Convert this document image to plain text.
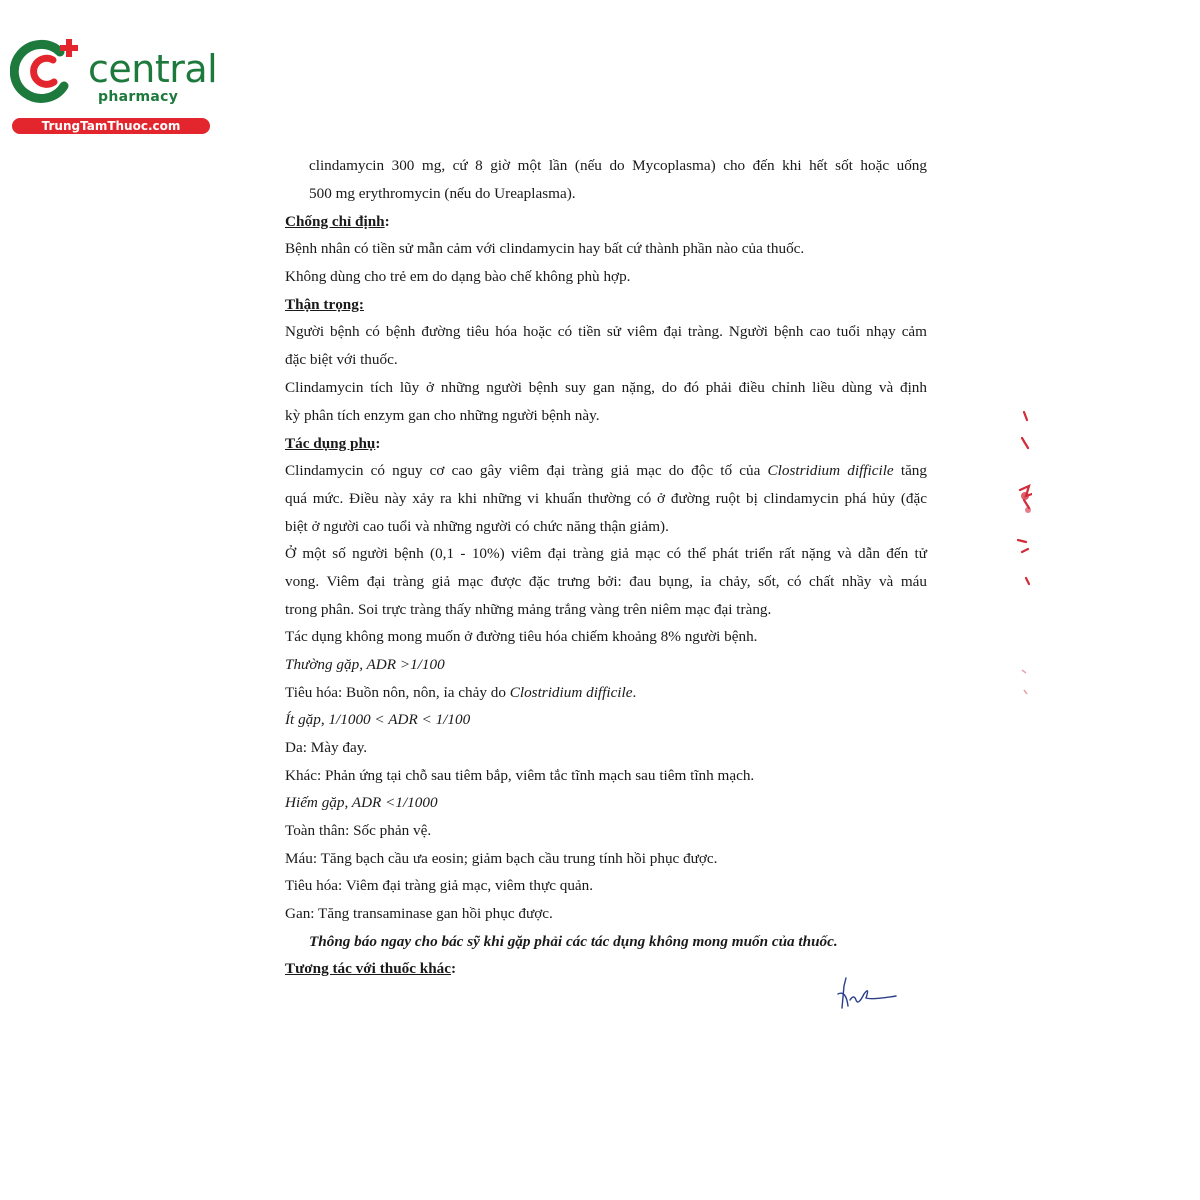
central
pharmacy
TrungTamThuoc.com
clindamycin 300 mg, cứ 8 giờ một lần (nếu do Mycoplasma) cho đến khi hết sốt hoặc uống
500 mg erythromycin (nếu do Ureaplasma).
Chống chỉ định:
Bệnh nhân có tiền sử mẫn cảm với clindamycin hay bất cứ thành phần nào của thuốc.
Không dùng cho trẻ em do dạng bào chế không phù hợp.
Thận trọng:
Người bệnh có bệnh đường tiêu hóa hoặc có tiền sử viêm đại tràng. Người bệnh cao tuổi nhạy cảm
đặc biệt với thuốc.
Clindamycin tích lũy ở những người bệnh suy gan nặng, do đó phải điều chỉnh liều dùng và định
kỳ phân tích enzym gan cho những người bệnh này.
Tác dụng phụ:
Clindamycin có nguy cơ cao gây viêm đại tràng giả mạc do độc tố của Clostridium difficile tăng
quá mức. Điều này xảy ra khi những vi khuẩn thường có ở đường ruột bị clindamycin phá hủy (đặc
biệt ở người cao tuổi và những người có chức năng thận giảm).
Ở một số người bệnh (0,1 - 10%) viêm đại tràng giả mạc có thể phát triển rất nặng và dẫn đến tử
vong. Viêm đại tràng giả mạc được đặc trưng bởi: đau bụng, ỉa chảy, sốt, có chất nhầy và máu
trong phân. Soi trực tràng thấy những mảng trắng vàng trên niêm mạc đại tràng.
Tác dụng không mong muốn ở đường tiêu hóa chiếm khoảng 8% người bệnh.
Thường gặp, ADR >1/100
Tiêu hóa: Buồn nôn, nôn, ỉa chảy do Clostridium difficile.
Ít gặp, 1/1000 < ADR < 1/100
Da: Mày đay.
Khác: Phản ứng tại chỗ sau tiêm bắp, viêm tắc tĩnh mạch sau tiêm tĩnh mạch.
Hiếm gặp, ADR <1/1000
Toàn thân: Sốc phản vệ.
Máu: Tăng bạch cầu ưa eosin; giảm bạch cầu trung tính hồi phục được.
Tiêu hóa: Viêm đại tràng giả mạc, viêm thực quản.
Gan: Tăng transaminase gan hồi phục được.
Thông báo ngay cho bác sỹ khi gặp phải các tác dụng không mong muốn của thuốc.
Tương tác với thuốc khác:
